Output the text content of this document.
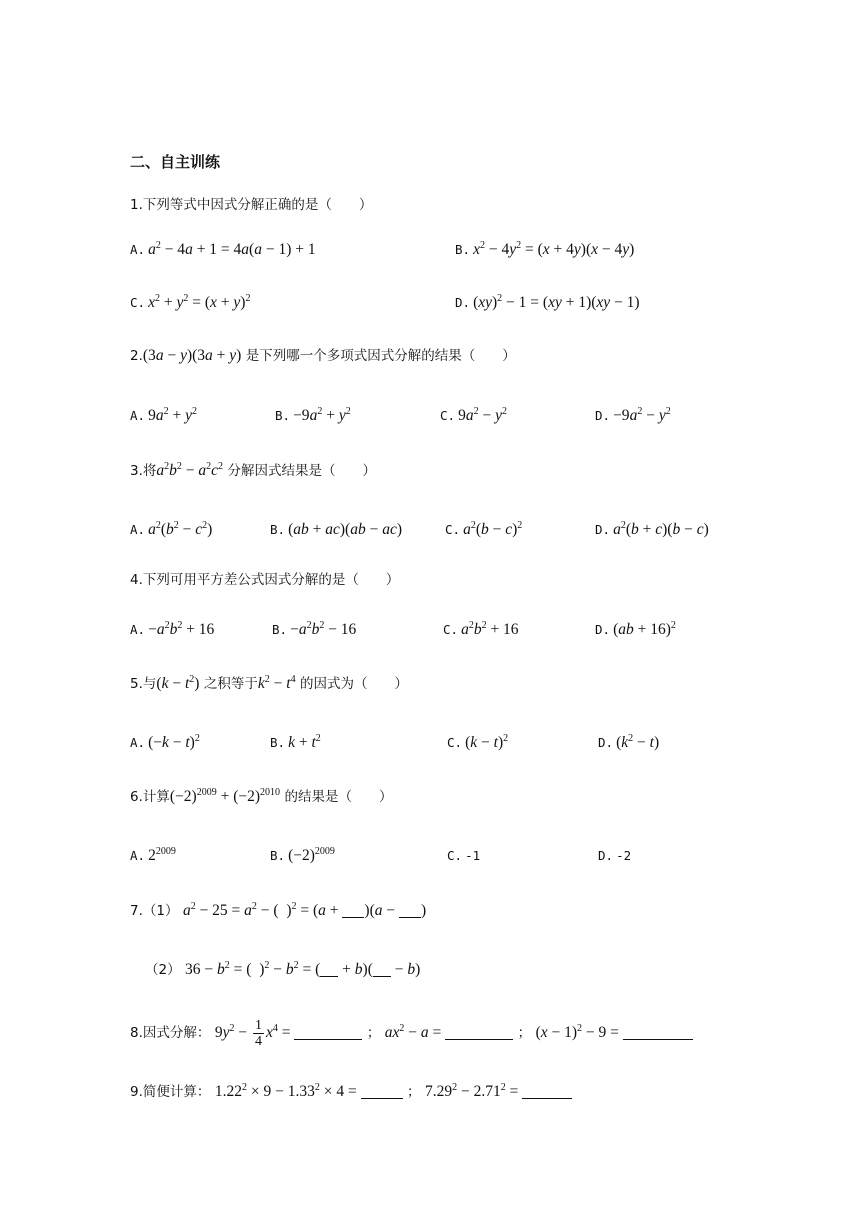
二、自主训练
1.下列等式中因式分解正确的是（　　）
A. $a^2 - 4a + 1 = 4a(a - 1) + 1$	B. $x^2 - 4y^2 = (x + 4y)(x - 4y)$
C. $x^2 + y^2 = (x + y)^2$	D. (xy)$^2$ − 1 = (xy + 1)(xy − 1)
2.(3a − y)(3a + y) 是下列哪一个多项式因式分解的结果（　　）
A. $9a^2 + y^2$	B. $-9a^2 + y^2$	C. $9a^2 - y^2$	D. $-9a^2 - y^2$
3.将$a^2b^2 - a^2c^2$ 分解因式结果是（　　）
A. $a^2(b^2 - c^2)$	B. (ab + ac)(ab − ac)	C. $a^2(b - c)^2$	D. $a^2(b + c)(b - c)$
4.下列可用平方差公式因式分解的是（　　）
A. $-a^2b^2 + 16$	B. $-a^2b^2 - 16$	C. $a^2b^2 + 16$	D. (ab + 16)$^2$
5.与$(k - t^2)$ 之积等于$k^2 - t^4$ 的因式为（　　）
A. $(-k - t)^2$	B. $k + t^2$	C. $(k - t)^2$	D. $(k^2 - t)$
6.计算$(-2)^{2009} + (-2)^{2010}$ 的结果是（　　）
A. $2^{2009}$	B. $(-2)^{2009}$	C. -1	D. -2
7.（1） $a^2 - 25 = a^2$ − (  )$^2$ = (a + )(a − )
（2） $36 - b^2$ = (  )$^2 - b^2$ = ( + b)( − b)
8.因式分解： $9y^2 - \frac{1}{4} x^4$ =	； $ax^2 - a$ =	； $(x - 1)^2 - 9$ =
9.简便计算： $1.22^2 \times 9 - 1.33^2 \times 4$ =	； $7.29^2 - 2.71^2$ =
